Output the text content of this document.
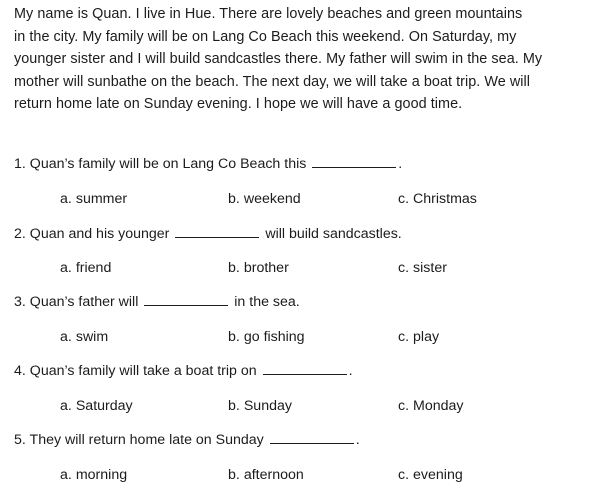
My name is Quan. I live in Hue. There are lovely beaches and green mountains
in the city. My family will be on Lang Co Beach this weekend. On Saturday, my
younger sister and I will build sandcastles there. My father will swim in the sea. My
mother will sunbathe on the beach. The next day, we will take a boat trip. We will
return home late on Sunday evening. I hope we will have a good time.
1. Quan’s family will be on Lang Co Beach this	.
a. summer	b. weekend	c. Christmas
2. Quan and his younger	will build sandcastles.
a. friend	b. brother	c. sister
3. Quan’s father will	in the sea.
a. swim	b. go fishing	c. play
4. Quan’s family will take a boat trip on	.
a. Saturday	b. Sunday	c. Monday
5. They will return home late on Sunday	.
a. morning	b. afternoon	c. evening
